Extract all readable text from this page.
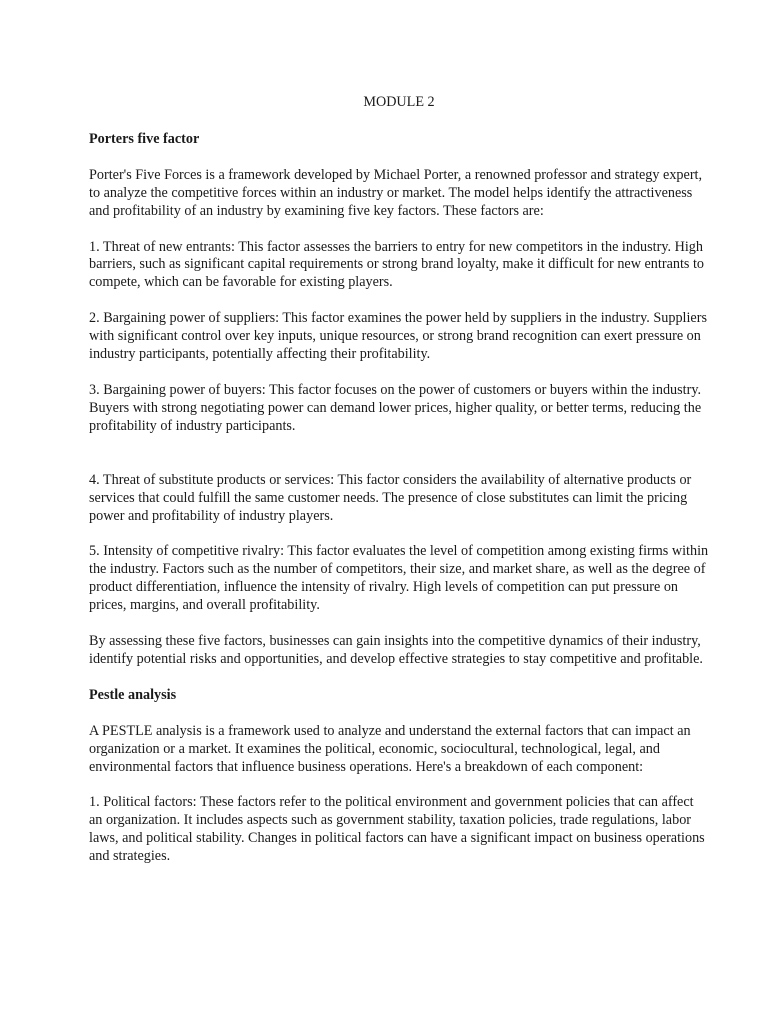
MODULE 2
Porters five factor
Porter's Five Forces is a framework developed by Michael Porter, a renowned professor and strategy expert, to analyze the competitive forces within an industry or market. The model helps identify the attractiveness and profitability of an industry by examining five key factors. These factors are:
1. Threat of new entrants: This factor assesses the barriers to entry for new competitors in the industry. High barriers, such as significant capital requirements or strong brand loyalty, make it difficult for new entrants to compete, which can be favorable for existing players.
2. Bargaining power of suppliers: This factor examines the power held by suppliers in the industry. Suppliers with significant control over key inputs, unique resources, or strong brand recognition can exert pressure on industry participants, potentially affecting their profitability.
3. Bargaining power of buyers: This factor focuses on the power of customers or buyers within the industry. Buyers with strong negotiating power can demand lower prices, higher quality, or better terms, reducing the profitability of industry participants.
4. Threat of substitute products or services: This factor considers the availability of alternative products or services that could fulfill the same customer needs. The presence of close substitutes can limit the pricing power and profitability of industry players.
5. Intensity of competitive rivalry: This factor evaluates the level of competition among existing firms within the industry. Factors such as the number of competitors, their size, and market share, as well as the degree of product differentiation, influence the intensity of rivalry. High levels of competition can put pressure on prices, margins, and overall profitability.
By assessing these five factors, businesses can gain insights into the competitive dynamics of their industry, identify potential risks and opportunities, and develop effective strategies to stay competitive and profitable.
Pestle analysis
A PESTLE analysis is a framework used to analyze and understand the external factors that can impact an organization or a market. It examines the political, economic, sociocultural, technological, legal, and environmental factors that influence business operations. Here's a breakdown of each component:
1. Political factors: These factors refer to the political environment and government policies that can affect an organization. It includes aspects such as government stability, taxation policies, trade regulations, labor laws, and political stability. Changes in political factors can have a significant impact on business operations and strategies.
